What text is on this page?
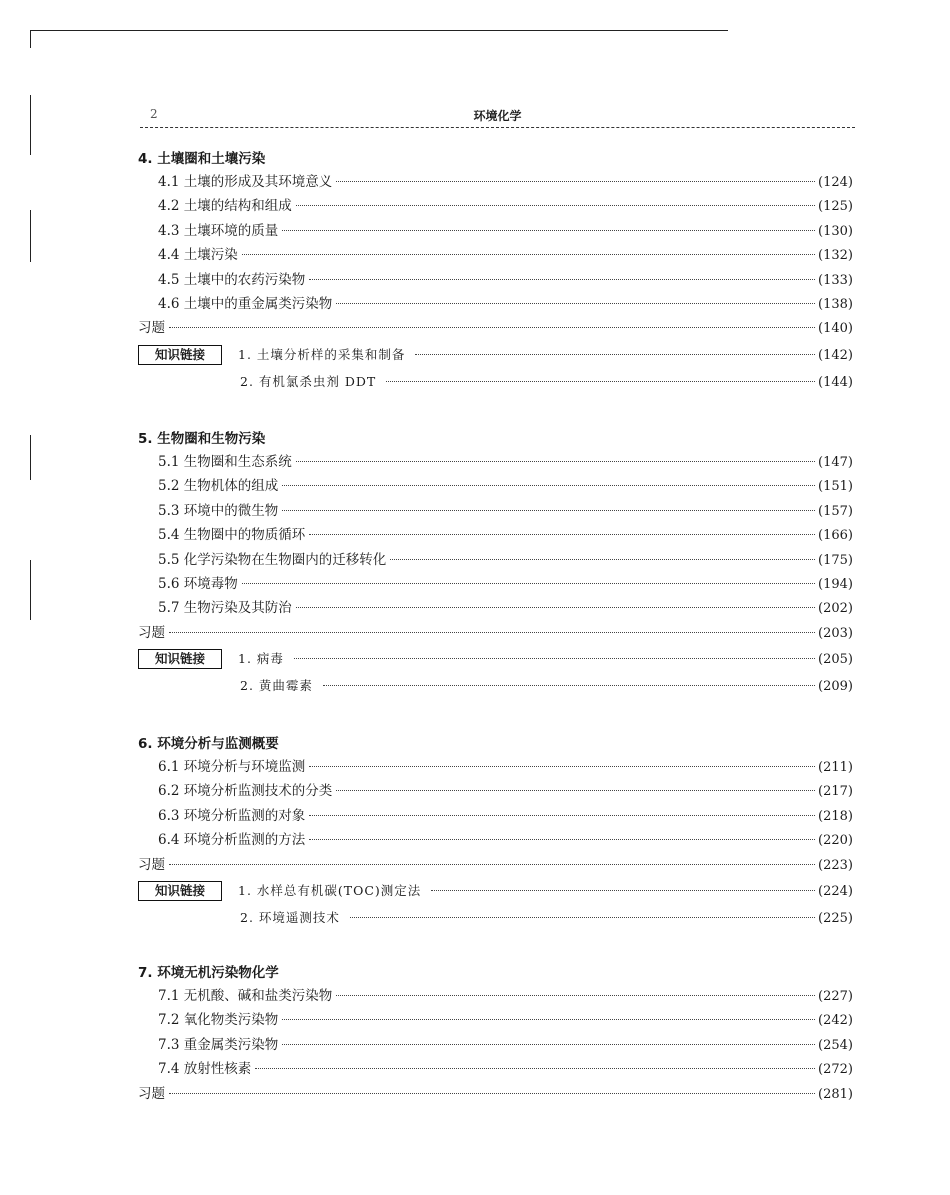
2	环境化学
4. 土壤圈和土壤污染
4.1 土壤的形成及其环境意义	(124)
4.2 土壤的结构和组成	(125)
4.3 土壤环境的质量	(130)
4.4 土壤污染	(132)
4.5 土壤中的农药污染物	(133)
4.6 土壤中的重金属类污染物	(138)
习题	(140)
知识链接	1. 土壤分析样的采集和制备	(142)
2. 有机氯杀虫剂 DDT	(144)
5. 生物圈和生物污染
5.1 生物圈和生态系统	(147)
5.2 生物机体的组成	(151)
5.3 环境中的微生物	(157)
5.4 生物圈中的物质循环	(166)
5.5 化学污染物在生物圈内的迁移转化	(175)
5.6 环境毒物	(194)
5.7 生物污染及其防治	(202)
习题	(203)
知识链接	1. 病毒	(205)
2. 黄曲霉素	(209)
6. 环境分析与监测概要
6.1 环境分析与环境监测	(211)
6.2 环境分析监测技术的分类	(217)
6.3 环境分析监测的对象	(218)
6.4 环境分析监测的方法	(220)
习题	(223)
知识链接	1. 水样总有机碳(TOC)测定法	(224)
2. 环境遥测技术	(225)
7. 环境无机污染物化学
7.1 无机酸、碱和盐类污染物	(227)
7.2 氧化物类污染物	(242)
7.3 重金属类污染物	(254)
7.4 放射性核素	(272)
习题	(281)
